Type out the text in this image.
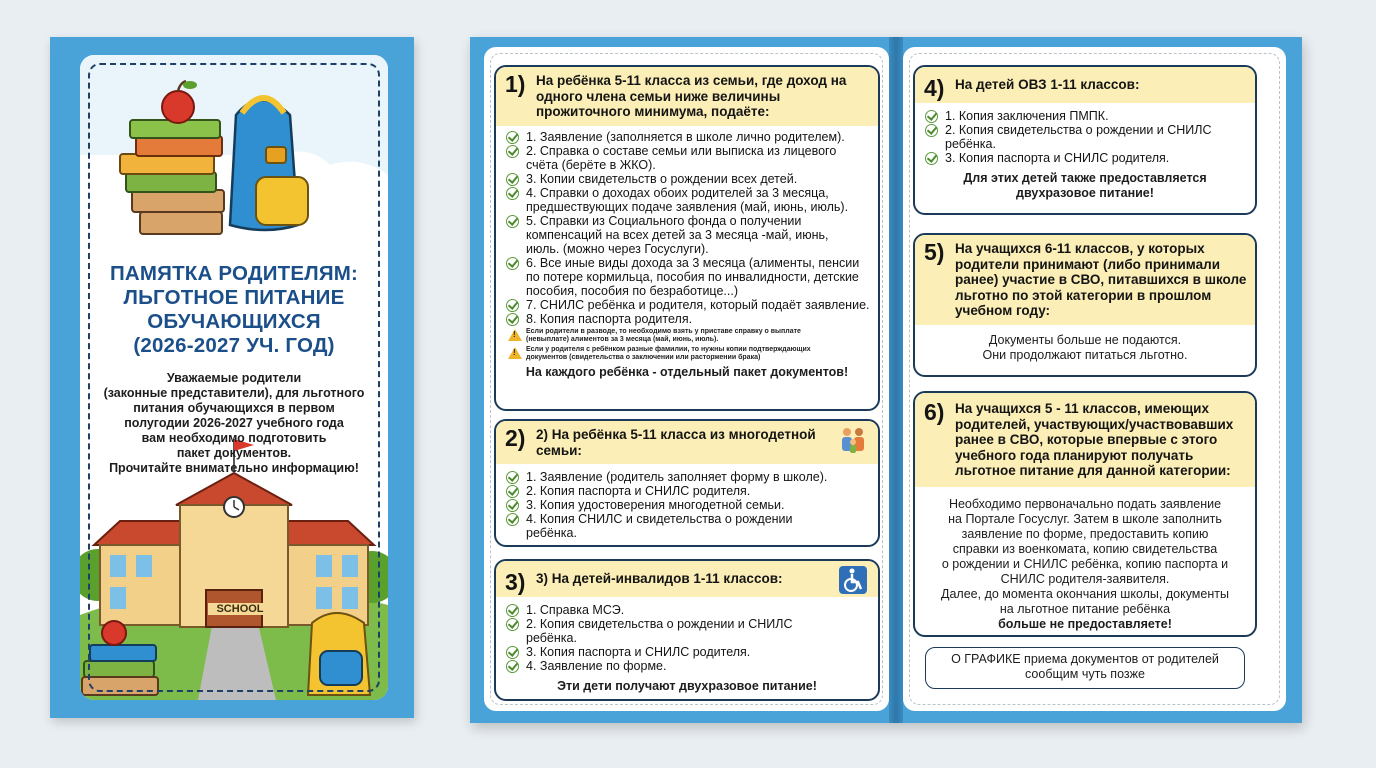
ПАМЯТКА РОДИТЕЛЯМ:
ЛЬГОТНОЕ ПИТАНИЕ
ОБУЧАЮЩИХСЯ
(2026-2027 УЧ. ГОД)
Уважаемые родители
(законные представители), для льготного
питания обучающихся в первом
полугодии 2026-2027 учебного года
вам необходимо подготовить
пакет документов.
Прочитайте внимательно информацию!
SCHOOL
1) На ребёнка 5-11 класса из семьи, где доход на
одного члена семьи ниже величины
прожиточного минимума, подаёте:
1. Заявление (заполняется в школе лично родителем).
2. Справка о составе семьи или выписка из лицевого
счёта (берёте в ЖКО).
3. Копии свидетельств о рождении всех детей.
4. Справки о доходах обоих родителей за 3 месяца,
предшествующих подаче заявления (май, июнь, июль).
5. Справки из Социального фонда о получении
компенсаций на всех детей за 3 месяца -май, июнь,
июль. (можно через Госуслуги).
6. Все иные виды дохода за 3 месяца (алименты, пенсии
по потере кормильца, пособия по инвалидности, детские
пособия, пособия по безработице...)
7. СНИЛС ребёнка и родителя, который подаёт заявление.
8. Копия паспорта родителя.
!
Если родители в разводе, то необходимо взять у приставе справку о выплате
(невыплате) алиментов за 3 месяца (май, июнь, июль).
!
Если у родителя с ребёнком разные фамилии, то нужны копии подтверждающих
документов (свидетельства о заключении или расторжении брака)
На каждого ребёнка - отдельный пакет документов!
2) 2) На ребёнка 5-11 класса из многодетной
семьи:
1. Заявление (родитель заполняет форму в школе).
2. Копия паспорта и СНИЛС родителя.
3. Копия удостоверения многодетной семьи.
4. Копия СНИЛС и свидетельства о рождении
ребёнка.
3) 3) На детей-инвалидов 1-11 классов:
1. Справка МСЭ.
2. Копия свидетельства о рождении и СНИЛС
ребёнка.
3. Копия паспорта и СНИЛС родителя.
4. Заявление по форме.
Эти дети получают двухразовое питание!
4) На детей ОВЗ 1-11 классов:
1. Копия заключения ПМПК.
2. Копия свидетельства о рождении и СНИЛС
ребёнка.
3. Копия паспорта и СНИЛС родителя.
Для этих детей также предоставляется
двухразовое питание!
5) На учащихся 6-11 классов, у которых
родители принимают (либо принимали
ранее) участие в СВО, питавшихся в школе
льготно по этой категории в прошлом
учебном году:
Документы больше не подаются.
Они продолжают питаться льготно.
6) На учащихся 5 - 11 классов, имеющих
родителей, участвующих/участвовавших
ранее в СВО, которые впервые с этого
учебного года планируют получать
льготное питание для данной категории:
Необходимо первоначально подать заявление
на Портале Госуслуг. Затем в школе заполнить
заявление по форме, предоставить копию
справки из военкомата, копию свидетельства
о рождении и СНИЛС ребёнка, копию паспорта и
СНИЛС родителя-заявителя.
Далее, до момента окончания школы, документы
на льготное питание ребёнка
больше не предоставляете!
О ГРАФИКЕ приема документов от родителей
сообщим чуть позже
